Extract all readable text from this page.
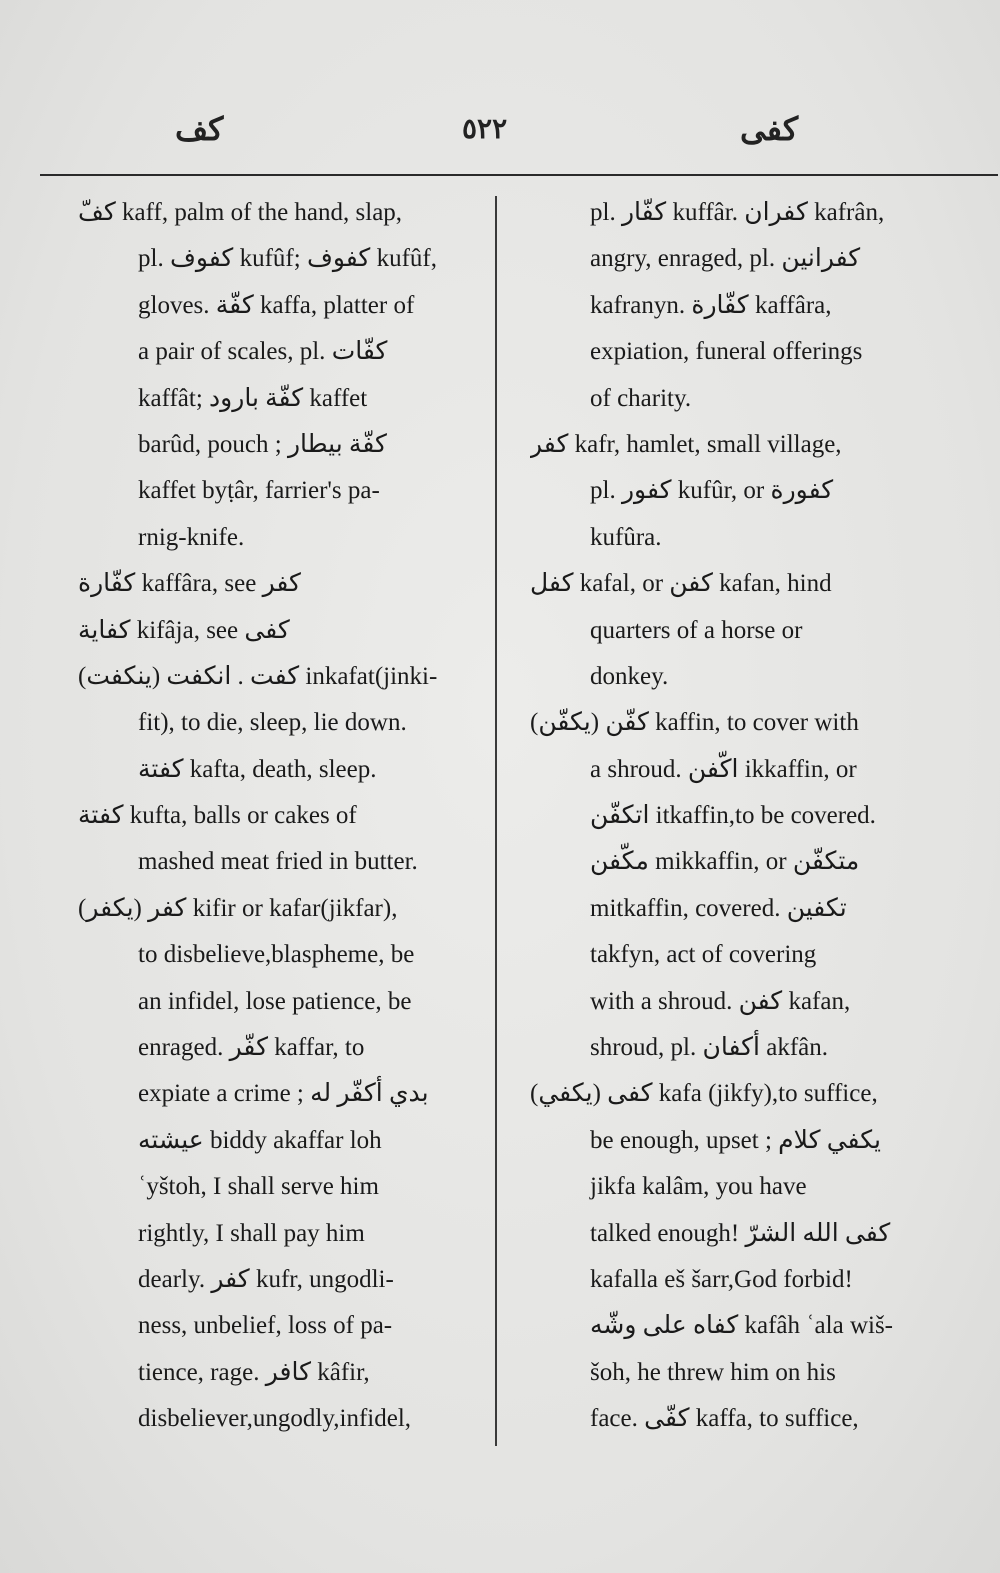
كف	٥٢٢	كفى
كفّ kaff, palm of the hand, slap,
pl. كفوف kufûf; كفوف kufûf,
gloves. كفّة kaffa, platter of
a pair of scales, pl. كفّات
kaffât; كفّة بارود kaffet
barûd, pouch ; كفّة بيطار
kaffet byṭâr, farrier's pa-
rnig-knife.
كفّارة kaffâra, see كفر
كفاية kifâja, see كفى
كفت . انكفت (ينكفت) inkafat(jinki-
fit), to die, sleep, lie down.
كفتة kafta, death, sleep.
كفتة kufta, balls or cakes of
mashed meat fried in butter.
كفر (يكفر) kifir or kafar(jikfar),
to disbelieve,blaspheme, be
an infidel, lose patience, be
enraged. كفّر kaffar, to
expiate a crime ; بدي أكفّر له
عيشته biddy akaffar loh
ʿyštoh, I shall serve him
rightly, I shall pay him
dearly. كفر kufr, ungodli-
ness, unbelief, loss of pa-
tience, rage. كافر kâfir,
disbeliever,ungodly,infidel,
pl. كفّار kuffâr. كفران kafrân,
angry, enraged, pl. كفرانين
kafranyn. كفّارة kaffâra,
expiation, funeral offerings
of charity.
كفر kafr, hamlet, small village,
pl. كفور kufûr, or كفورة
kufûra.
كفل kafal, or كفن kafan, hind
quarters of a horse or
donkey.
كفّن (يكفّن) kaffin, to cover with
a shroud. اكّفن ikkaffin, or
اتكفّن itkaffin,to be covered.
مكّفن mikkaffin, or متكفّن
mitkaffin, covered. تكفين
takfyn, act of covering
with a shroud. كفن kafan,
shroud, pl. أكفان akfân.
كفى (يكفي) kafa (jikfy),to suffice,
be enough, upset ; يكفي كلام
jikfa kalâm, you have
talked enough! كفى الله الشرّ
kafalla eš šarr,God forbid!
كفاه على وشّه kafâh ʿala wiš-
šoh, he threw him on his
face. كفّى kaffa, to suffice,
